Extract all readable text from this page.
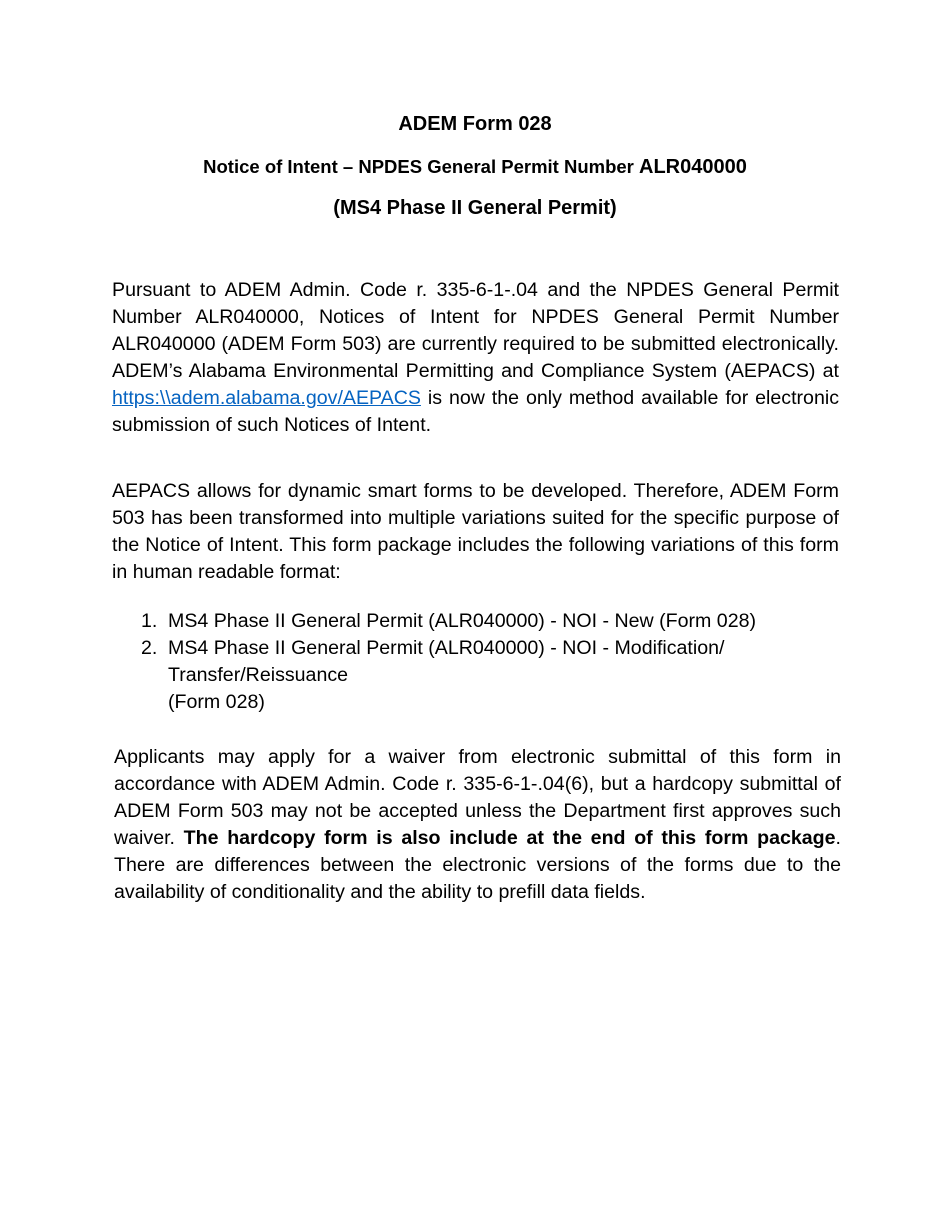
ADEM Form 028
Notice of Intent – NPDES General Permit Number ALR040000
(MS4 Phase II General Permit)

Pursuant to ADEM Admin. Code r. 335-6-1-.04 and the NPDES General Permit Number ALR040000, Notices of Intent for NPDES General Permit Number ALR040000 (ADEM Form 503) are currently required to be submitted electronically. ADEM’s Alabama Environmental Permitting and Compliance System (AEPACS) at https:\\adem.alabama.gov/AEPACS is now the only method available for electronic submission of such Notices of Intent.

AEPACS allows for dynamic smart forms to be developed. Therefore, ADEM Form 503 has been transformed into multiple variations suited for the specific purpose of the Notice of Intent. This form package includes the following variations of this form in human readable format:

1. MS4 Phase II General Permit (ALR040000) - NOI - New (Form 028)
2. MS4 Phase II General Permit (ALR040000) - NOI - Modification/
Transfer/Reissuance
(Form 028)

Applicants may apply for a waiver from electronic submittal of this form in accordance with ADEM Admin. Code r. 335-6-1-.04(6), but a hardcopy submittal of ADEM Form 503 may not be accepted unless the Department first approves such waiver. The hardcopy form is also include at the end of this form package. There are differences between the electronic versions of the forms due to the availability of conditionality and the ability to prefill data fields.
